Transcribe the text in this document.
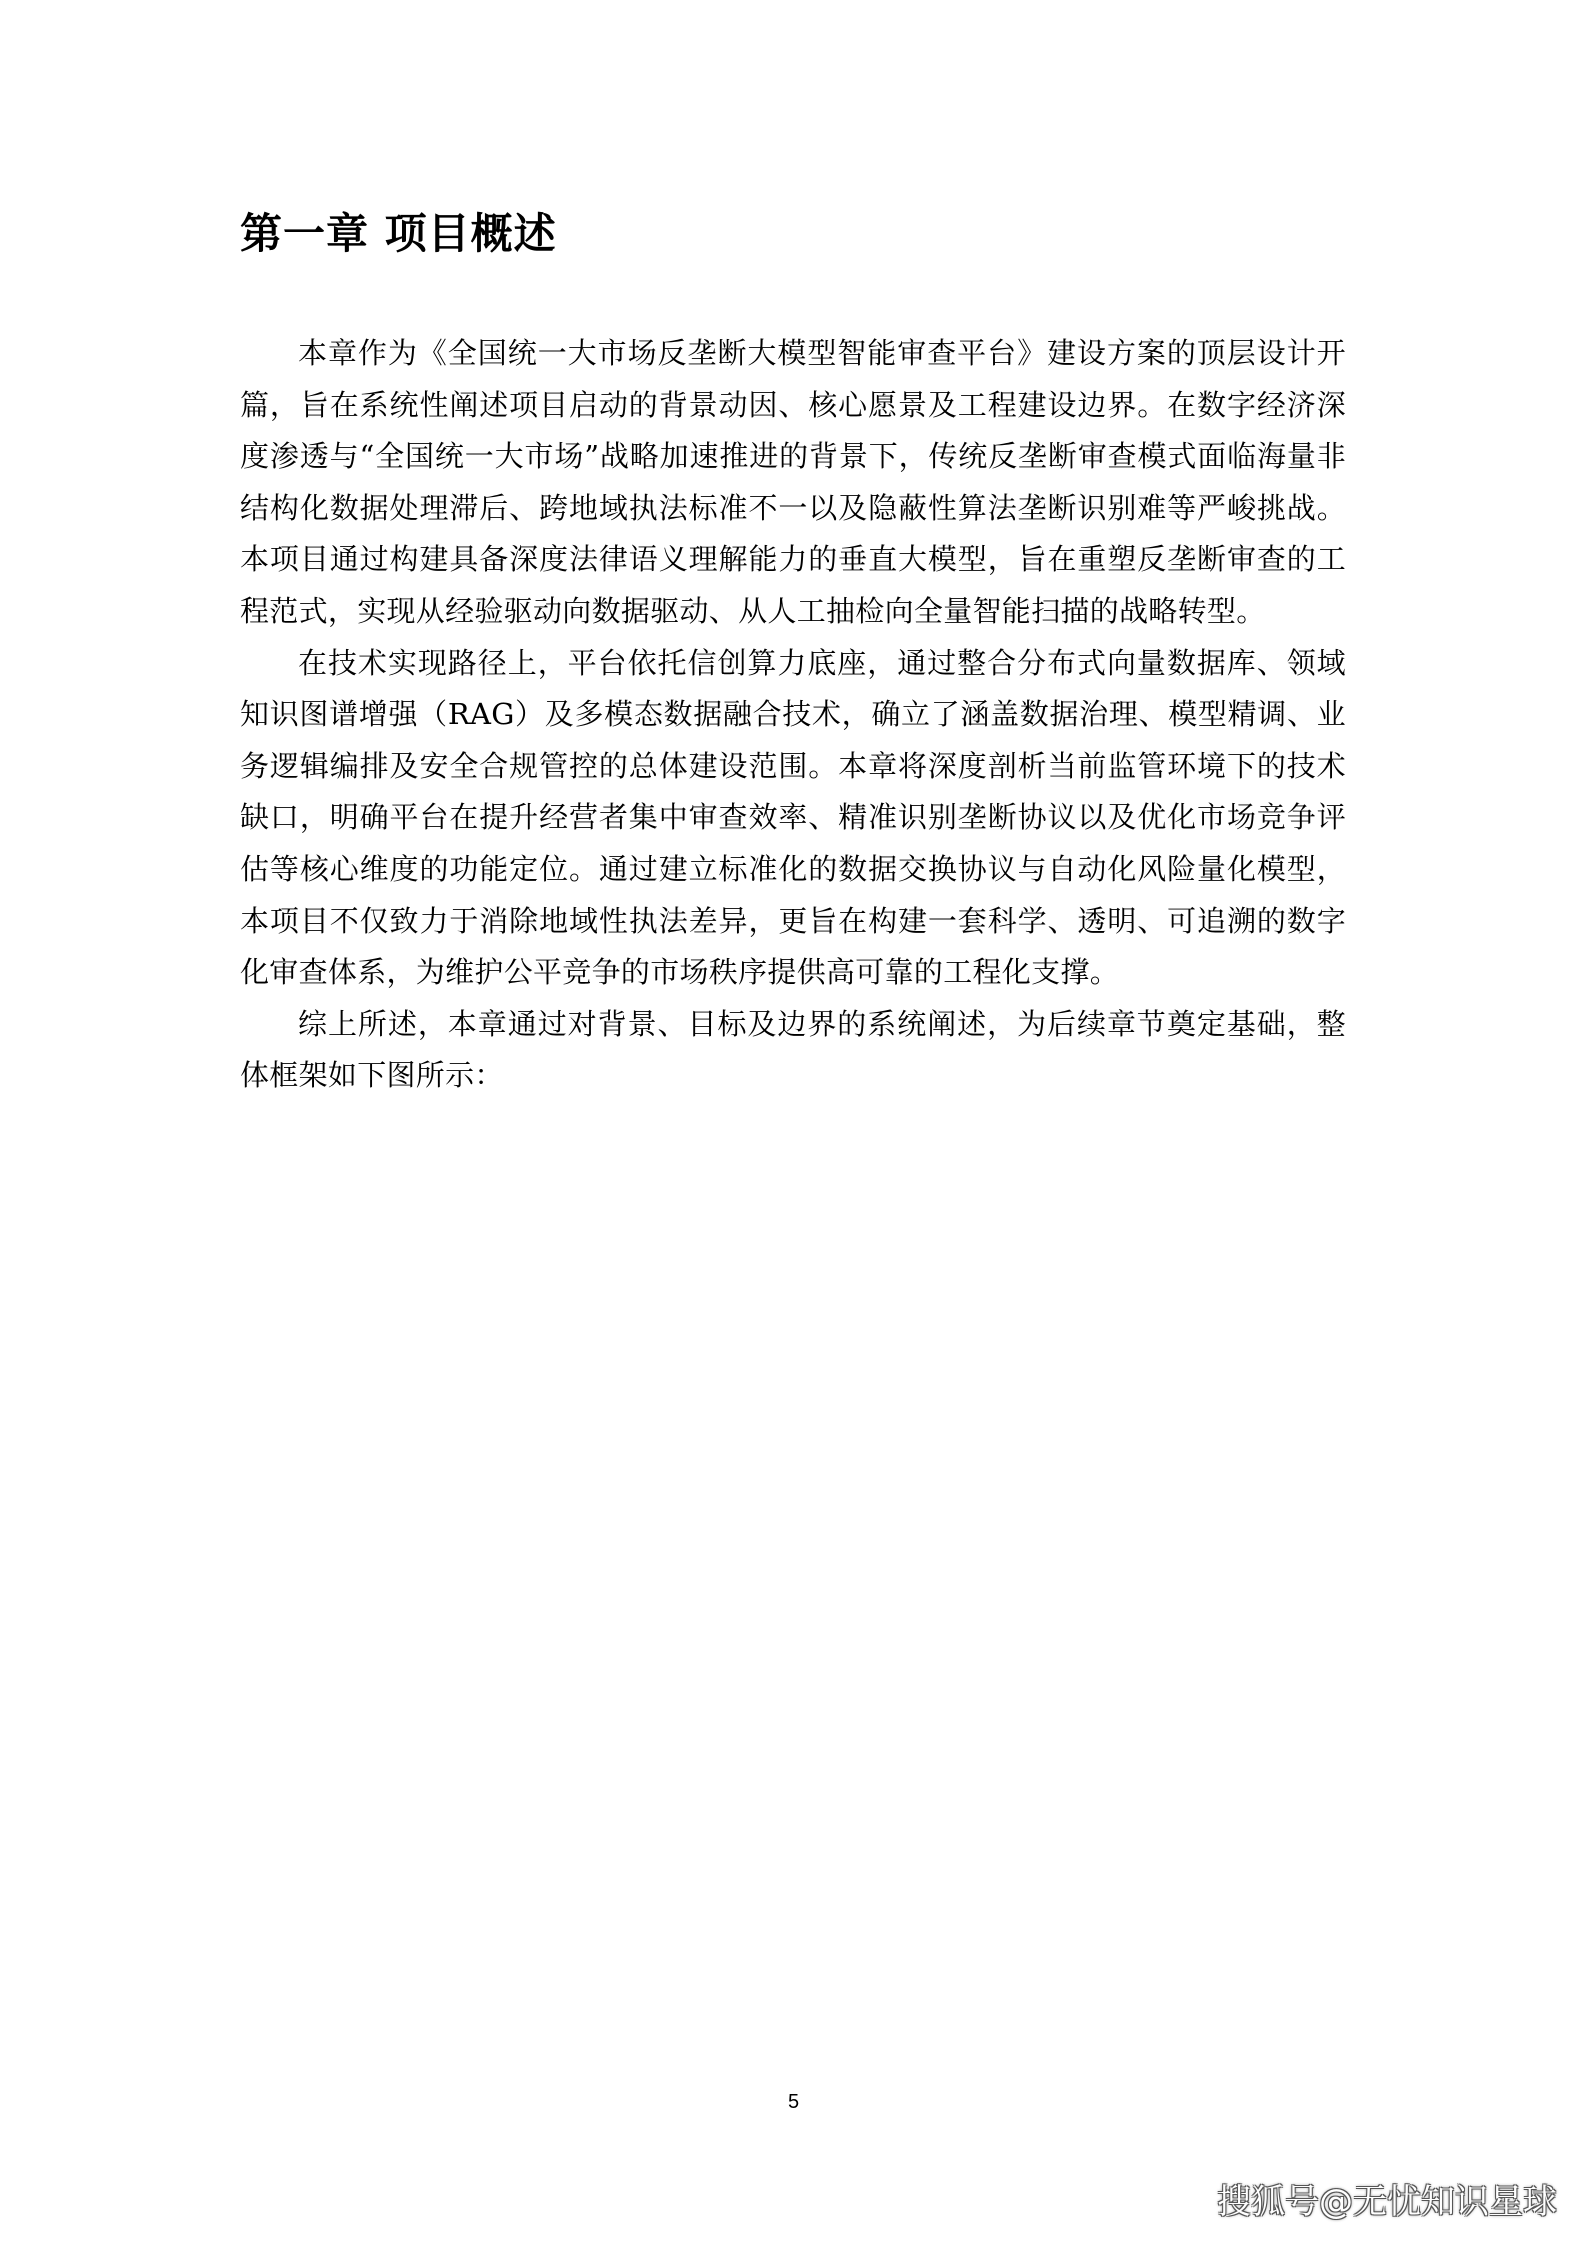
第一章 项目概述

本章作为《全国统一大市场反垄断大模型智能审查平台》建设方案的顶层设计开篇，旨在系统性阐述项目启动的背景动因、核心愿景及工程建设边界。在数字经济深度渗透与“全国统一大市场”战略加速推进的背景下，传统反垄断审查模式面临海量非结构化数据处理滞后、跨地域执法标准不一以及隐蔽性算法垄断识别难等严峻挑战。本项目通过构建具备深度法律语义理解能力的垂直大模型，旨在重塑反垄断审查的工程范式，实现从经验驱动向数据驱动、从人工抽检向全量智能扫描的战略转型。

在技术实现路径上，平台依托信创算力底座，通过整合分布式向量数据库、领域知识图谱增强（RAG）及多模态数据融合技术，确立了涵盖数据治理、模型精调、业务逻辑编排及安全合规管控的总体建设范围。本章将深度剖析当前监管环境下的技术缺口，明确平台在提升经营者集中审查效率、精准识别垄断协议以及优化市场竞争评估等核心维度的功能定位。通过建立标准化的数据交换协议与自动化风险量化模型，本项目不仅致力于消除地域性执法差异，更旨在构建一套科学、透明、可追溯的数字化审查体系，为维护公平竞争的市场秩序提供高可靠的工程化支撑。

综上所述，本章通过对背景、目标及边界的系统阐述，为后续章节奠定基础，整体框架如下图所示：

5
搜狐号@无忧知识星球
